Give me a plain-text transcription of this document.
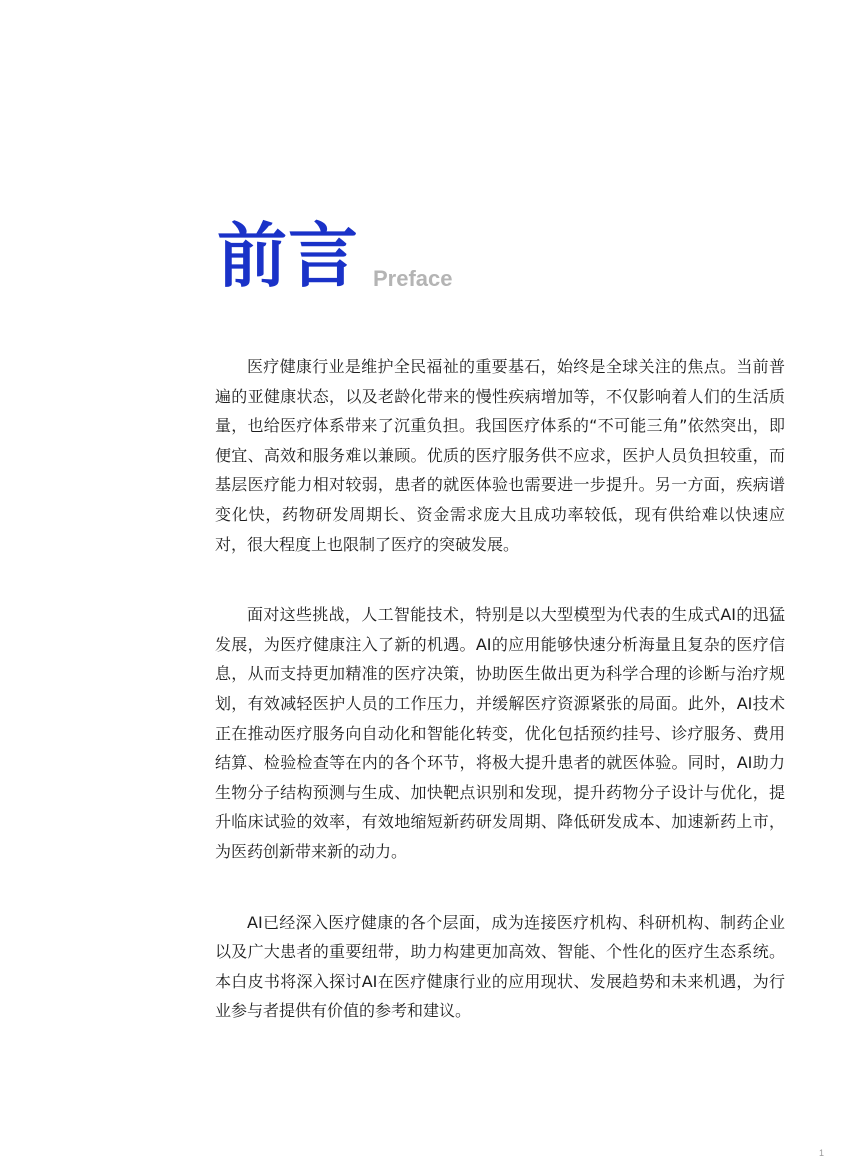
前言 Preface

医疗健康行业是维护全民福祉的重要基石，始终是全球关注的焦点。当前普遍的亚健康状态，以及老龄化带来的慢性疾病增加等，不仅影响着人们的生活质量，也给医疗体系带来了沉重负担。我国医疗体系的“不可能三角”依然突出，即便宜、高效和服务难以兼顾。优质的医疗服务供不应求，医护人员负担较重，而基层医疗能力相对较弱，患者的就医体验也需要进一步提升。另一方面，疾病谱变化快，药物研发周期长、资金需求庞大且成功率较低，现有供给难以快速应对，很大程度上也限制了医疗的突破发展。

面对这些挑战，人工智能技术，特别是以大型模型为代表的生成式AI的迅猛发展，为医疗健康注入了新的机遇。AI的应用能够快速分析海量且复杂的医疗信息，从而支持更加精准的医疗决策，协助医生做出更为科学合理的诊断与治疗规划，有效减轻医护人员的工作压力，并缓解医疗资源紧张的局面。此外，AI技术正在推动医疗服务向自动化和智能化转变，优化包括预约挂号、诊疗服务、费用结算、检验检查等在内的各个环节，将极大提升患者的就医体验。同时，AI助力生物分子结构预测与生成、加快靶点识别和发现，提升药物分子设计与优化，提升临床试验的效率，有效地缩短新药研发周期、降低研发成本、加速新药上市，为医药创新带来新的动力。

AI已经深入医疗健康的各个层面，成为连接医疗机构、科研机构、制药企业以及广大患者的重要纽带，助力构建更加高效、智能、个性化的医疗生态系统。本白皮书将深入探讨AI在医疗健康行业的应用现状、发展趋势和未来机遇，为行业参与者提供有价值的参考和建议。

1
